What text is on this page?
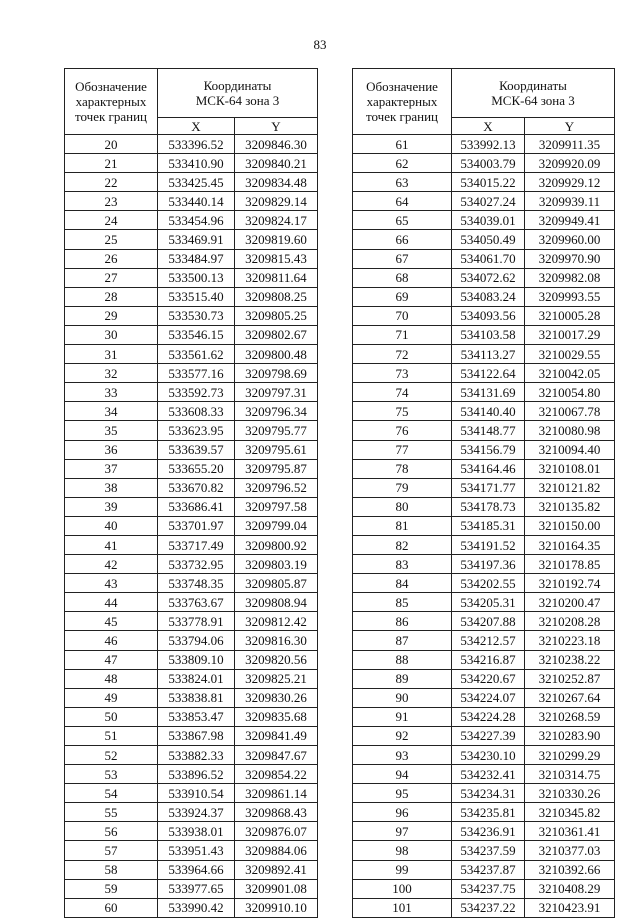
83
Обозначение
характерных
точек границ	Координаты
МСК-64 зона 3	
	X	Y
20	533396.52	3209846.30
21	533410.90	3209840.21
22	533425.45	3209834.48
23	533440.14	3209829.14
24	533454.96	3209824.17
25	533469.91	3209819.60
26	533484.97	3209815.43
27	533500.13	3209811.64
28	533515.40	3209808.25
29	533530.73	3209805.25
30	533546.15	3209802.67
31	533561.62	3209800.48
32	533577.16	3209798.69
33	533592.73	3209797.31
34	533608.33	3209796.34
35	533623.95	3209795.77
36	533639.57	3209795.61
37	533655.20	3209795.87
38	533670.82	3209796.52
39	533686.41	3209797.58
40	533701.97	3209799.04
41	533717.49	3209800.92
42	533732.95	3209803.19
43	533748.35	3209805.87
44	533763.67	3209808.94
45	533778.91	3209812.42
46	533794.06	3209816.30
47	533809.10	3209820.56
48	533824.01	3209825.21
49	533838.81	3209830.26
50	533853.47	3209835.68
51	533867.98	3209841.49
52	533882.33	3209847.67
53	533896.52	3209854.22
54	533910.54	3209861.14
55	533924.37	3209868.43
56	533938.01	3209876.07
57	533951.43	3209884.06
58	533964.66	3209892.41
59	533977.65	3209901.08
60	533990.42	3209910.10
Обозначение
характерных
точек границ	Координаты
МСК-64 зона 3	
	X	Y
61	533992.13	3209911.35
62	534003.79	3209920.09
63	534015.22	3209929.12
64	534027.24	3209939.11
65	534039.01	3209949.41
66	534050.49	3209960.00
67	534061.70	3209970.90
68	534072.62	3209982.08
69	534083.24	3209993.55
70	534093.56	3210005.28
71	534103.58	3210017.29
72	534113.27	3210029.55
73	534122.64	3210042.05
74	534131.69	3210054.80
75	534140.40	3210067.78
76	534148.77	3210080.98
77	534156.79	3210094.40
78	534164.46	3210108.01
79	534171.77	3210121.82
80	534178.73	3210135.82
81	534185.31	3210150.00
82	534191.52	3210164.35
83	534197.36	3210178.85
84	534202.55	3210192.74
85	534205.31	3210200.47
86	534207.88	3210208.28
87	534212.57	3210223.18
88	534216.87	3210238.22
89	534220.67	3210252.87
90	534224.07	3210267.64
91	534224.28	3210268.59
92	534227.39	3210283.90
93	534230.10	3210299.29
94	534232.41	3210314.75
95	534234.31	3210330.26
96	534235.81	3210345.82
97	534236.91	3210361.41
98	534237.59	3210377.03
99	534237.87	3210392.66
100	534237.75	3210408.29
101	534237.22	3210423.91
